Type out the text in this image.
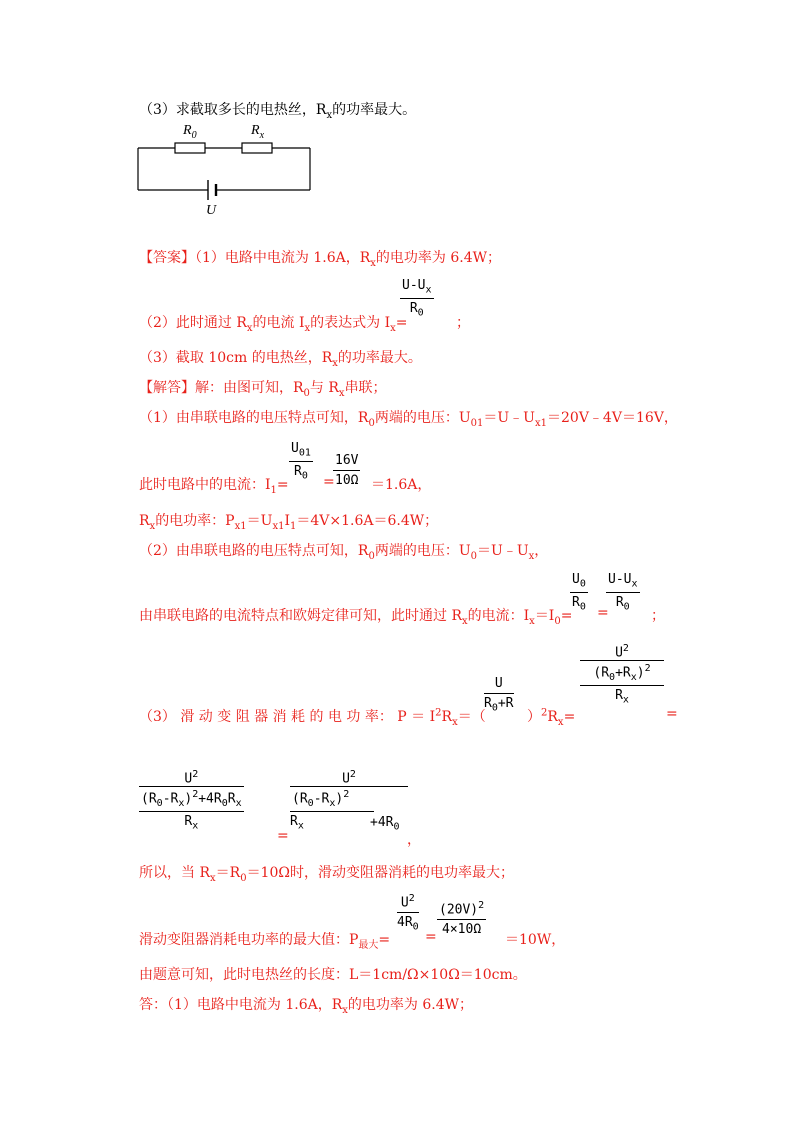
（3）求截取多长的电热丝，$R_x$的功率最大。
$R_0$	$R_x$
U
【答案】（1）电路中电流为 1.6A，$R_x$的电功率为 6.4W；
（2）此时通过 $R_x$的电流 $I_x$的表达式为 $I_x=$
$U-U_x$
$R_0$
；
（3）截取 10cm 的电热丝，$R_x$的功率最大。
【解答】解：由图可知，$R_0$与 $R_x$串联；
（1）由串联电路的电压特点可知，$R_0$两端的电压：$U_{01}=U﹣U_{x1}=20V﹣4V=16V$，
此时电路中的电流：$I_1=$
$U_{01}$
$R_0$	=
16V
10Ω ＝1.6A，
$R_x$的电功率：$P_{x1}=U_{x1}I_1=4V\times 1.6A=6.4W$；
（2）由串联电路的电压特点可知，$R_0$两端的电压：$U_0=U﹣U_x$，
由串联电路的电流特点和欧姆定律可知，此时通过 $R_x$的电流：$I_x=I_0=$
$U_0$
$R_0$ =
$U-U_x$
$R_0$
；
（3） 滑 动 变 阻 器 消 耗 的 电 功 率： $P = I^2R_x=$（
U
$R_0+R$
）$^2R_x=$
$U^2$
$(R_0+R_x)^2$
$R_x$
=
$U^2$
$(R_0-R_x)^2+4R_0R_x$
$R_x$
=
$U^2$
$(R_0-R_x)^2$
$R_x$	$+4R_0$
，
所以，当 $R_x=R_0=10\Omega$时，滑动变阻器消耗的电功率最大；
滑动变阻器消耗电功率的最大值：$P_{最大}=$
$U^2$
$4R_0$
=
$(20V)^2$
4×10Ω
＝10W，
由题意可知，此时电热丝的长度：L＝1cm/Ω×10Ω＝10cm。
答：（1）电路中电流为 1.6A，$R_x$的电功率为 6.4W；
